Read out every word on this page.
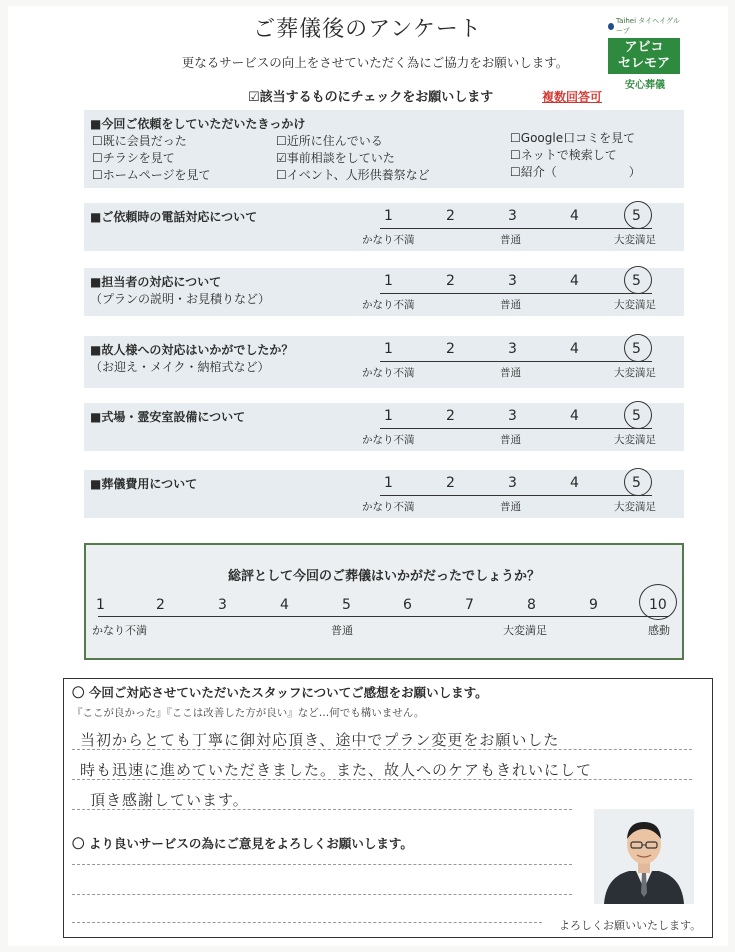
ご葬儀後のアンケート
更なるサービスの向上をさせていただく為にご協力をお願いします。
Taihei タイヘイグループ
アビコ
セレモア
安心葬儀
☑該当するものにチェックをお願いします	複数回答可
■今回ご依頼をしていただいたきっかけ
☐既に会員だった
☐チラシを見て
☐ホームページを見て
☐近所に住んでいる
☑事前相談をしていた
☐イベント、人形供養祭など
☐Google口コミを見て
☐ネットで検索して
☐紹介（　　　　　　）
■ご依頼時の電話対応について	1	2	3	4	5
かなり不満	普通	大変満足
■担当者の対応について
（プランの説明・お見積りなど）
1	2	3	4	5
かなり不満	普通	大変満足
■故人様への対応はいかがでしたか？
（お迎え・メイク・納棺式など）
1	2	3	4	5
かなり不満	普通	大変満足
■式場・霊安室設備について	1	2	3	4	5
かなり不満	普通	大変満足
■葬儀費用について	1	2	3	4	5
かなり不満	普通	大変満足
総評として今回のご葬儀はいかがだったでしょうか？
1	2	3	4	5	6	7	8	9	10
かなり不満	普通	大変満足	感動
〇 今回ご対応させていただいたスタッフについてご感想をお願いします。
『ここが良かった』『ここは改善した方が良い』など…何でも構いません。
当初からとても丁寧に御対応頂き、途中でプラン変更をお願いした
時も迅速に進めていただきました。また、故人へのケアもきれいにして
頂き感謝しています。
〇 より良いサービスの為にご意見をよろしくお願いします。
よろしくお願いいたします。
